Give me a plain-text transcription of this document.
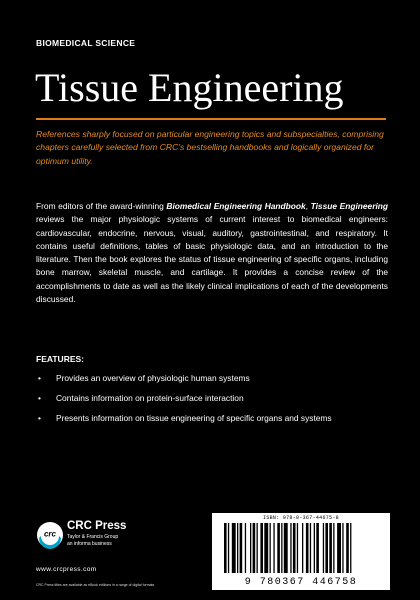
BIOMEDICAL SCIENCE
Tissue Engineering
References sharply focused on particular engineering topics and subspecialties, comprising chapters carefully selected from CRC's bestselling handbooks and logically organized for optimum utility.
From editors of the award-winning Biomedical Engineering Handbook, Tissue Engineering reviews the major physiologic systems of current interest to biomedical engineers: cardiovascular, endocrine, nervous, visual, auditory, gastrointestinal, and respiratory. It contains useful definitions, tables of basic physiologic data, and an introduction to the literature. Then the book explores the status of tissue engineering of specific organs, including bone marrow, skeletal muscle, and cartilage. It provides a concise review of the accomplishments to date as well as the likely clinical implications of each of the developments discussed.
FEATURES:
• Provides an overview of physiologic human systems
• Contains information on protein-surface interaction
• Presents information on tissue engineering of specific organs and systems
crc
CRC Press
Taylor & Francis Group
an informa business
www.crcpress.com
CRC Press titles are available as eBook editions in a range of digital formats
ISBN: 978-0-367-44675-8
9 780367 446758
